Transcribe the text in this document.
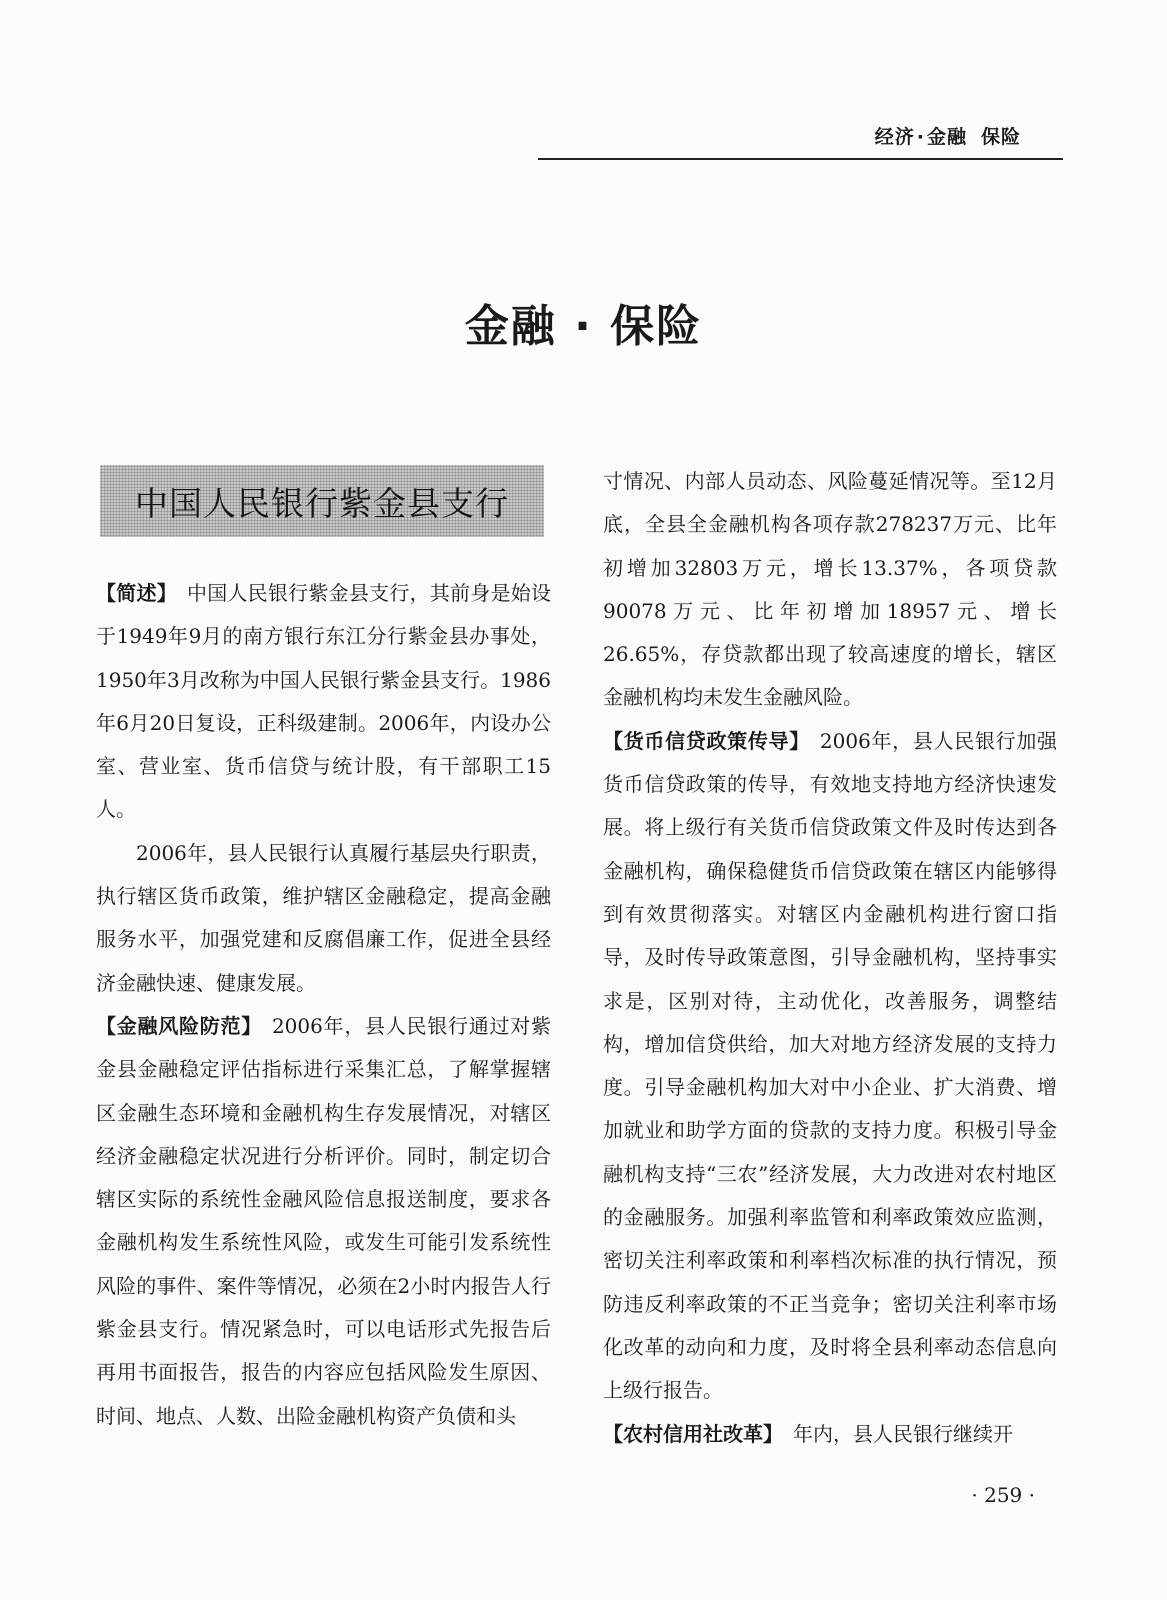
经济 · 金融 保险
金融 · 保险
中国人民银行紫金县支行

【简述】 中国人民银行紫金县支行，其前身是始设于1949年9月的南方银行东江分行紫金县办事处，1950年3月改称为中国人民银行紫金县支行。1986年6月20日复设，正科级建制。2006年，内设办公室、营业室、货币信贷与统计股，有干部职工15人。

2006年，县人民银行认真履行基层央行职责，执行辖区货币政策，维护辖区金融稳定，提高金融服务水平，加强党建和反腐倡廉工作，促进全县经济金融快速、健康发展。

【金融风险防范】 2006年，县人民银行通过对紫金县金融稳定评估指标进行采集汇总，了解掌握辖区金融生态环境和金融机构生存发展情况，对辖区经济金融稳定状况进行分析评价。同时，制定切合辖区实际的系统性金融风险信息报送制度，要求各金融机构发生系统性风险，或发生可能引发系统性风险的事件、案件等情况，必须在2小时内报告人行紫金县支行。情况紧急时，可以电话形式先报告后再用书面报告，报告的内容应包括风险发生原因、时间、地点、人数、出险金融机构资产负债和头

寸情况、内部人员动态、风险蔓延情况等。至12月底，全县全金融机构各项存款278237万元、比年初增加32803万元，增长13.37%，各项贷款90078万元、比年初增加18957元、增长26.65%，存贷款都出现了较高速度的增长，辖区金融机构均未发生金融风险。

【货币信贷政策传导】 2006年，县人民银行加强货币信贷政策的传导，有效地支持地方经济快速发展。将上级行有关货币信贷政策文件及时传达到各金融机构，确保稳健货币信贷政策在辖区内能够得到有效贯彻落实。对辖区内金融机构进行窗口指导，及时传导政策意图，引导金融机构，坚持事实求是，区别对待，主动优化，改善服务，调整结构，增加信贷供给，加大对地方经济发展的支持力度。引导金融机构加大对中小企业、扩大消费、增加就业和助学方面的贷款的支持力度。积极引导金融机构支持“三农”经济发展，大力改进对农村地区的金融服务。加强利率监管和利率政策效应监测，密切关注利率政策和利率档次标准的执行情况，预防违反利率政策的不正当竞争；密切关注利率市场化改革的动向和力度，及时将全县利率动态信息向上级行报告。

【农村信用社改革】 年内，县人民银行继续开

· 259 ·
